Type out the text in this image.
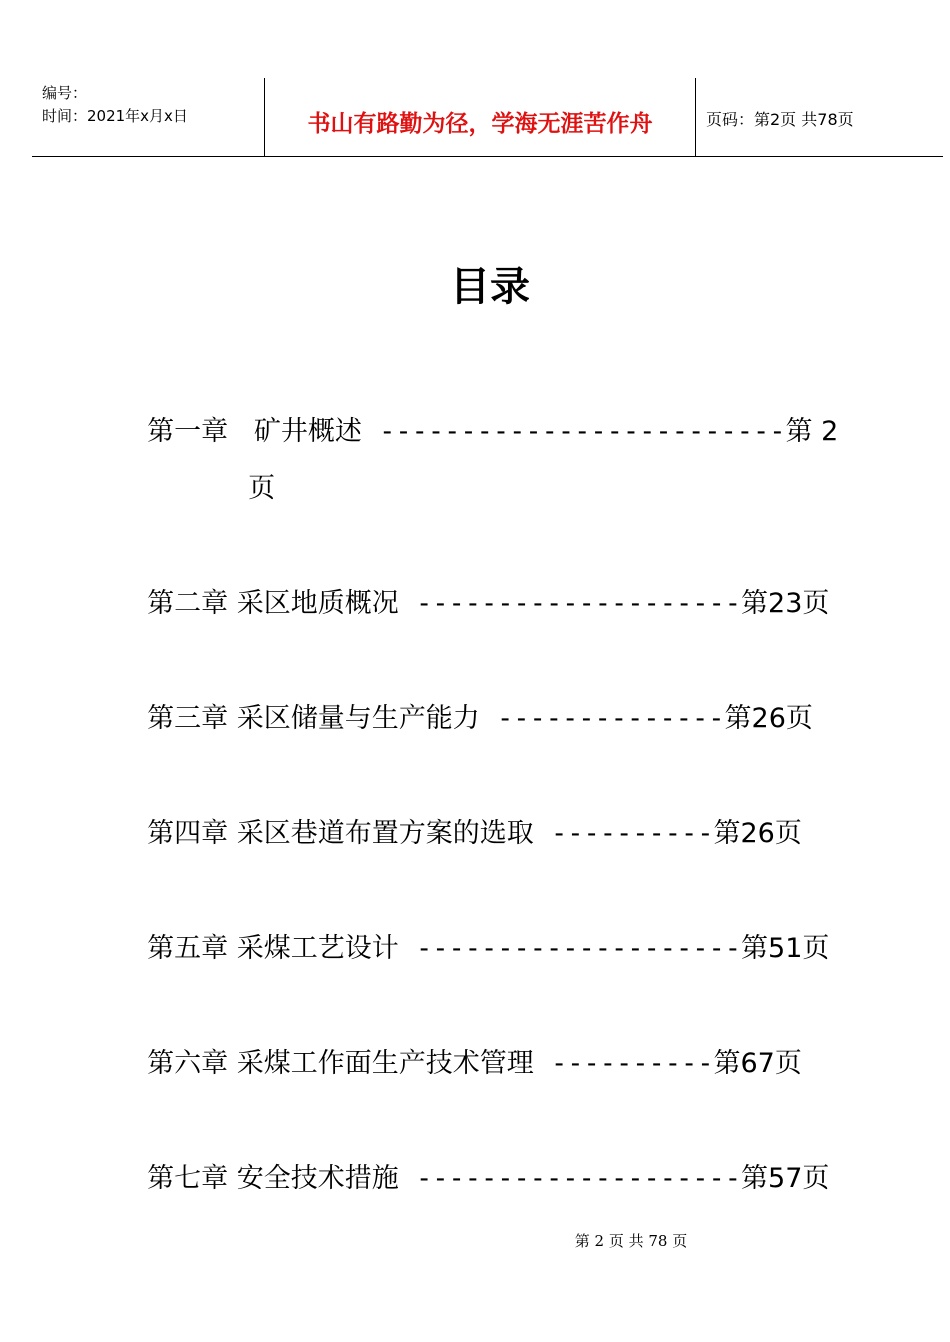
编号：
时间：2021年x月x日	书山有路勤为径，学海无涯苦作舟	页码：第2页 共78页
目录

第一章 矿井概述 -------------------------第 2

页

第二章 采区地质概况 --------------------第23页

第三章 采区储量与生产能力 --------------第26页

第四章 采区巷道布置方案的选取 ----------第26页

第五章 采煤工艺设计 --------------------第51页

第六章 采煤工作面生产技术管理 ----------第67页

第七章 安全技术措施 --------------------第57页

第 2 页 共 78 页
